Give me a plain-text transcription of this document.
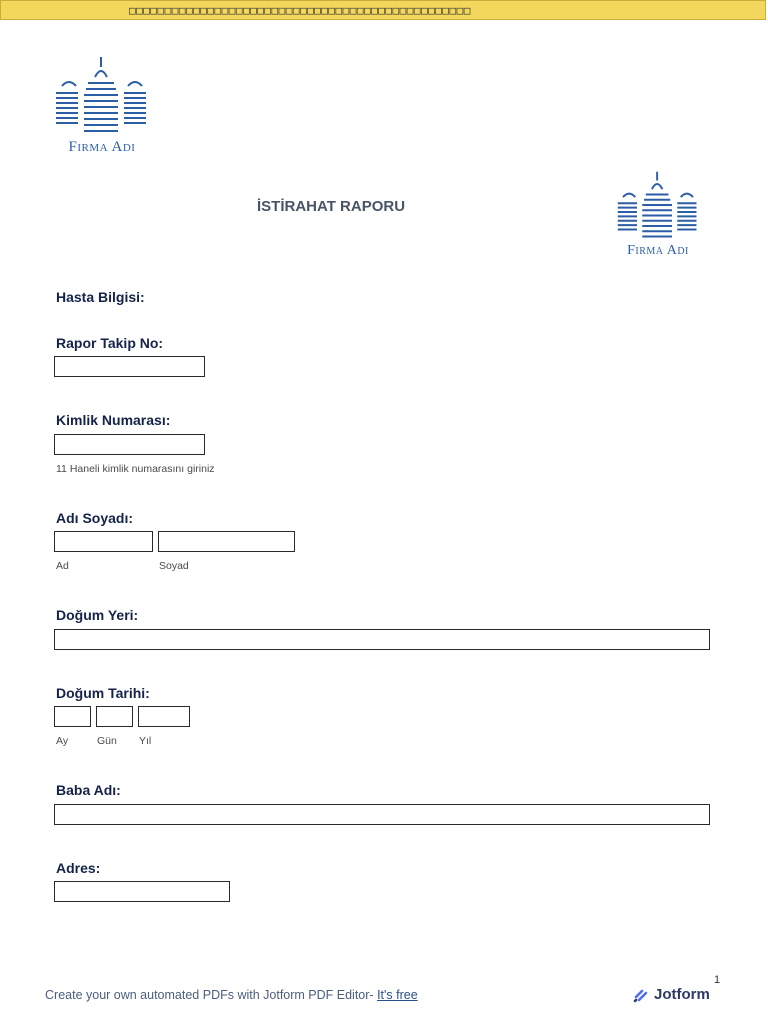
□□□□□□□□□□□□□□□□□□□□□□□□□□□□□□□□□□□□□□□□□□□□□□□□
Firma Adı
Firma Adı
İSTİRAHAT RAPORU
Hasta Bilgisi:
Rapor Takip No:
Kimlik Numarası:
11 Haneli kimlik numarasını giriniz
Adı Soyadı:
Ad	Soyad
Doğum Yeri:
Doğum Tarihi:
Ay	Gün Yıl
Baba Adı:
Adres:
1
Create your own automated PDFs with Jotform PDF Editor- It's free	Jotform
